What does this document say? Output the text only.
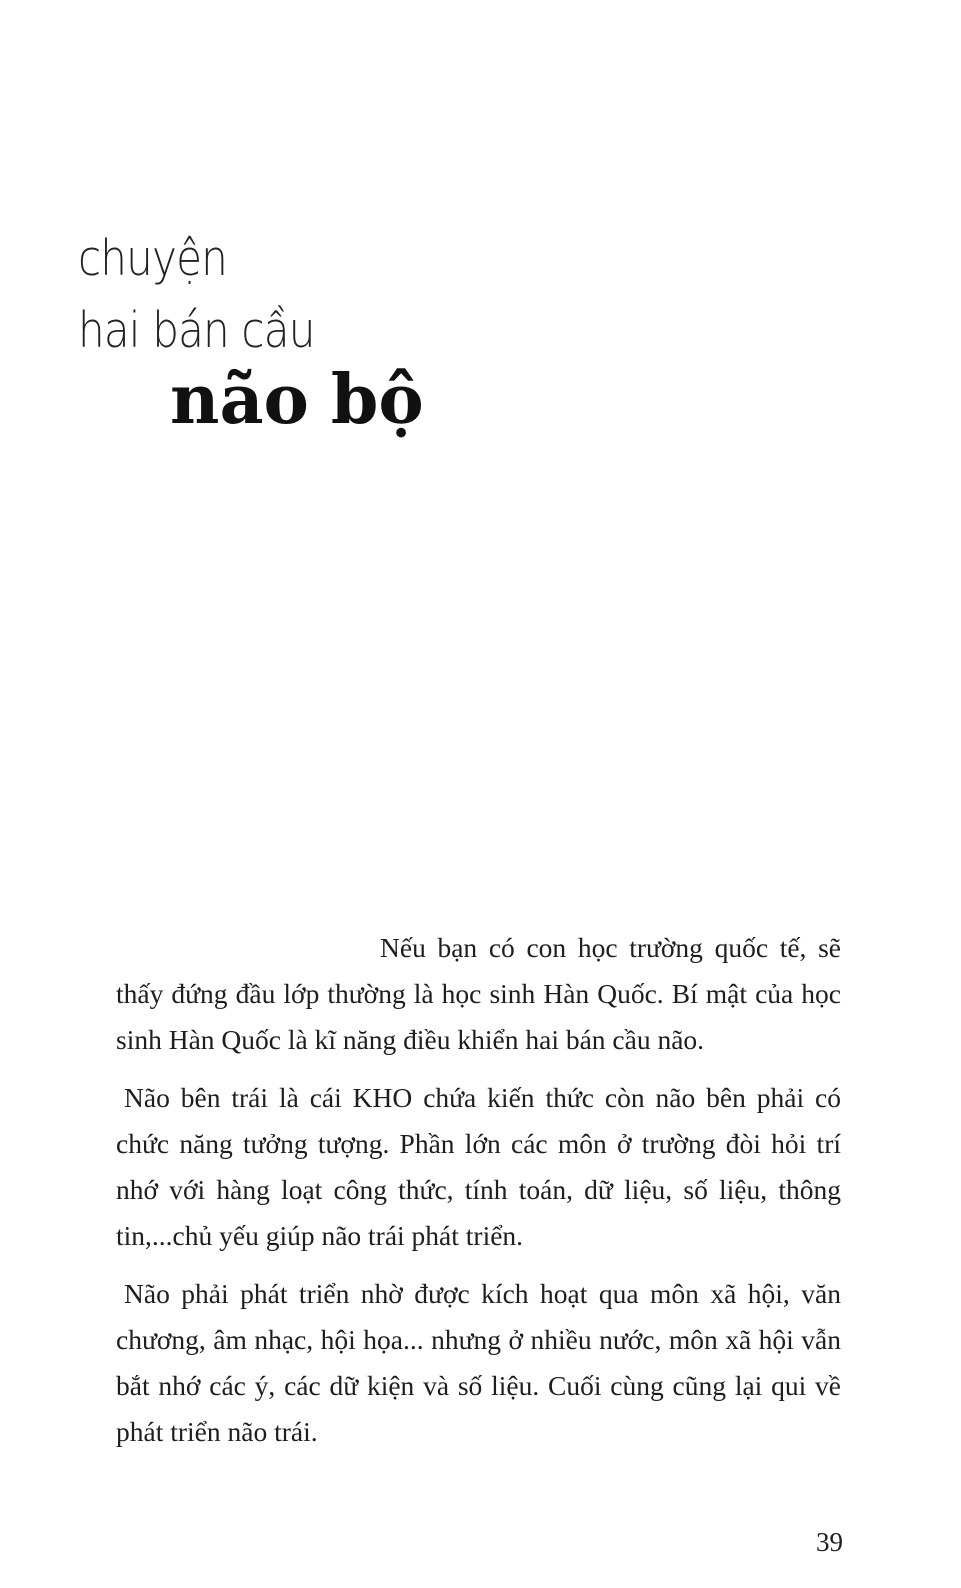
chuyện
hai bán cầu
não bộ

Nếu bạn có con học trường quốc tế, sẽ thấy đứng đầu lớp thường là học sinh Hàn Quốc. Bí mật của học sinh Hàn Quốc là kĩ năng điều khiển hai bán cầu não.

Não bên trái là cái KHO chứa kiến thức còn não bên phải có chức năng tưởng tượng. Phần lớn các môn ở trường đòi hỏi trí nhớ với hàng loạt công thức, tính toán, dữ liệu, số liệu, thông tin,...chủ yếu giúp não trái phát triển.

Não phải phát triển nhờ được kích hoạt qua môn xã hội, văn chương, âm nhạc, hội họa... nhưng ở nhiều nước, môn xã hội vẫn bắt nhớ các ý, các dữ kiện và số liệu. Cuối cùng cũng lại qui về phát triển não trái.

39
